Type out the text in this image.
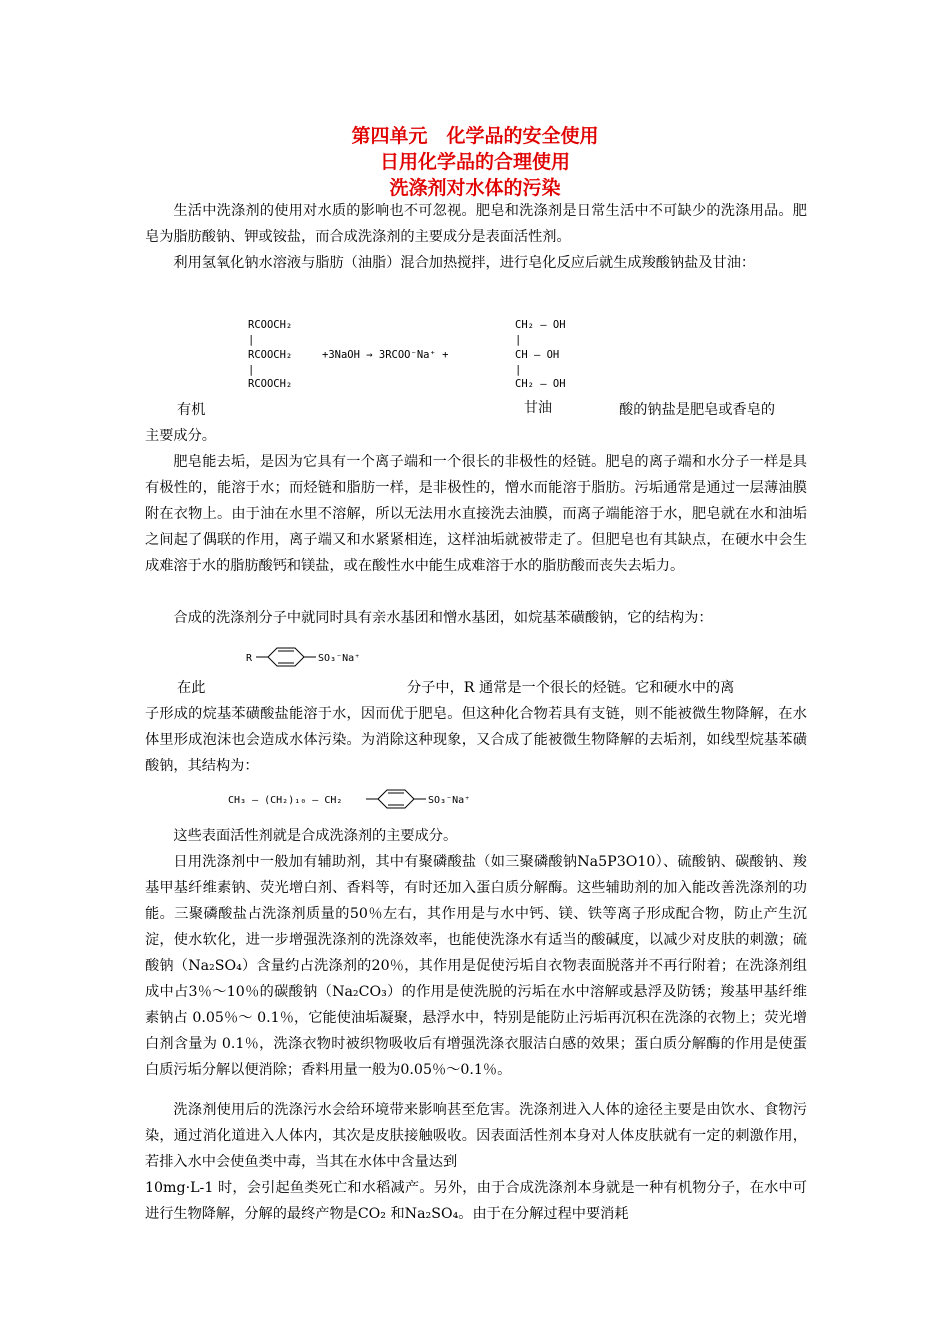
第四单元　化学品的安全使用
日用化学品的合理使用
洗涤剂对水体的污染
生活中洗涤剂的使用对水质的影响也不可忽视。肥皂和洗涤剂是日常生活中不可缺少的洗涤用品。肥皂为脂肪酸钠、钾或铵盐，而合成洗涤剂的主要成分是表面活性剂。
利用氢氧化钠水溶液与脂肪（油脂）混合加热搅拌，进行皂化反应后就生成羧酸钠盐及甘油：
RCOOCH₂
|
RCOOCH₂
|
RCOOCH₂
+3NaOH → 3RCOO⁻Na⁺ +
CH₂ — OH
|
CH — OH
|
CH₂ — OH
甘油
有机	酸的钠盐是肥皂或香皂的
主要成分。
肥皂能去垢，是因为它具有一个离子端和一个很长的非极性的烃链。肥皂的离子端和水分子一样是具有极性的，能溶于水；而烃链和脂肪一样，是非极性的，憎水而能溶于脂肪。污垢通常是通过一层薄油膜附在衣物上。由于油在水里不溶解，所以无法用水直接洗去油膜，而离子端能溶于水，肥皂就在水和油垢之间起了偶联的作用，离子端又和水紧紧相连，这样油垢就被带走了。但肥皂也有其缺点，在硬水中会生成难溶于水的脂肪酸钙和镁盐，或在酸性水中能生成难溶于水的脂肪酸而丧失去垢力。
合成的洗涤剂分子中就同时具有亲水基团和憎水基团，如烷基苯磺酸钠，它的结构为：
R	SO₃⁻Na⁺
在此	分子中，R 通常是一个很长的烃链。它和硬水中的离
子形成的烷基苯磺酸盐能溶于水，因而优于肥皂。但这种化合物若具有支链，则不能被微生物降解，在水体里形成泡沫也会造成水体污染。为消除这种现象，又合成了能被微生物降解的去垢剂，如线型烷基苯磺酸钠，其结构为：
CH₃ — (CH₂)₁₀ — CH₂	SO₃⁻Na⁺
这些表面活性剂就是合成洗涤剂的主要成分。
日用洗涤剂中一般加有辅助剂，其中有聚磷酸盐（如三聚磷酸钠Na5P3O10）、硫酸钠、碳酸钠、羧基甲基纤维素钠、荧光增白剂、香料等，有时还加入蛋白质分解酶。这些辅助剂的加入能改善洗涤剂的功能。三聚磷酸盐占洗涤剂质量的50％左右，其作用是与水中钙、镁、铁等离子形成配合物，防止产生沉淀，使水软化，进一步增强洗涤剂的洗涤效率，也能使洗涤水有适当的酸碱度，以减少对皮肤的刺激；硫酸钠（Na₂SO₄）含量约占洗涤剂的20％，其作用是促使污垢自衣物表面脱落并不再行附着；在洗涤剂组成中占3％～10％的碳酸钠（Na₂CO₃）的作用是使洗脱的污垢在水中溶解或悬浮及防锈；羧基甲基纤维素钠占 0.05％～ 0.1％，它能使油垢凝聚，悬浮水中，特别是能防止污垢再沉积在洗涤的衣物上；荧光增白剂含量为 0.1％，洗涤衣物时被织物吸收后有增强洗涤衣服洁白感的效果；蛋白质分解酶的作用是使蛋白质污垢分解以便消除；香料用量一般为0.05％～0.1％。
洗涤剂使用后的洗涤污水会给环境带来影响甚至危害。洗涤剂进入人体的途径主要是由饮水、食物污染，通过消化道进入人体内，其次是皮肤接触吸收。因表面活性剂本身对人体皮肤就有一定的刺激作用，若排入水中会使鱼类中毒，当其在水体中含量达到
10mg·L-1 时，会引起鱼类死亡和水稻减产。另外，由于合成洗涤剂本身就是一种有机物分子，在水中可进行生物降解，分解的最终产物是CO₂ 和Na₂SO₄。由于在分解过程中要消耗
